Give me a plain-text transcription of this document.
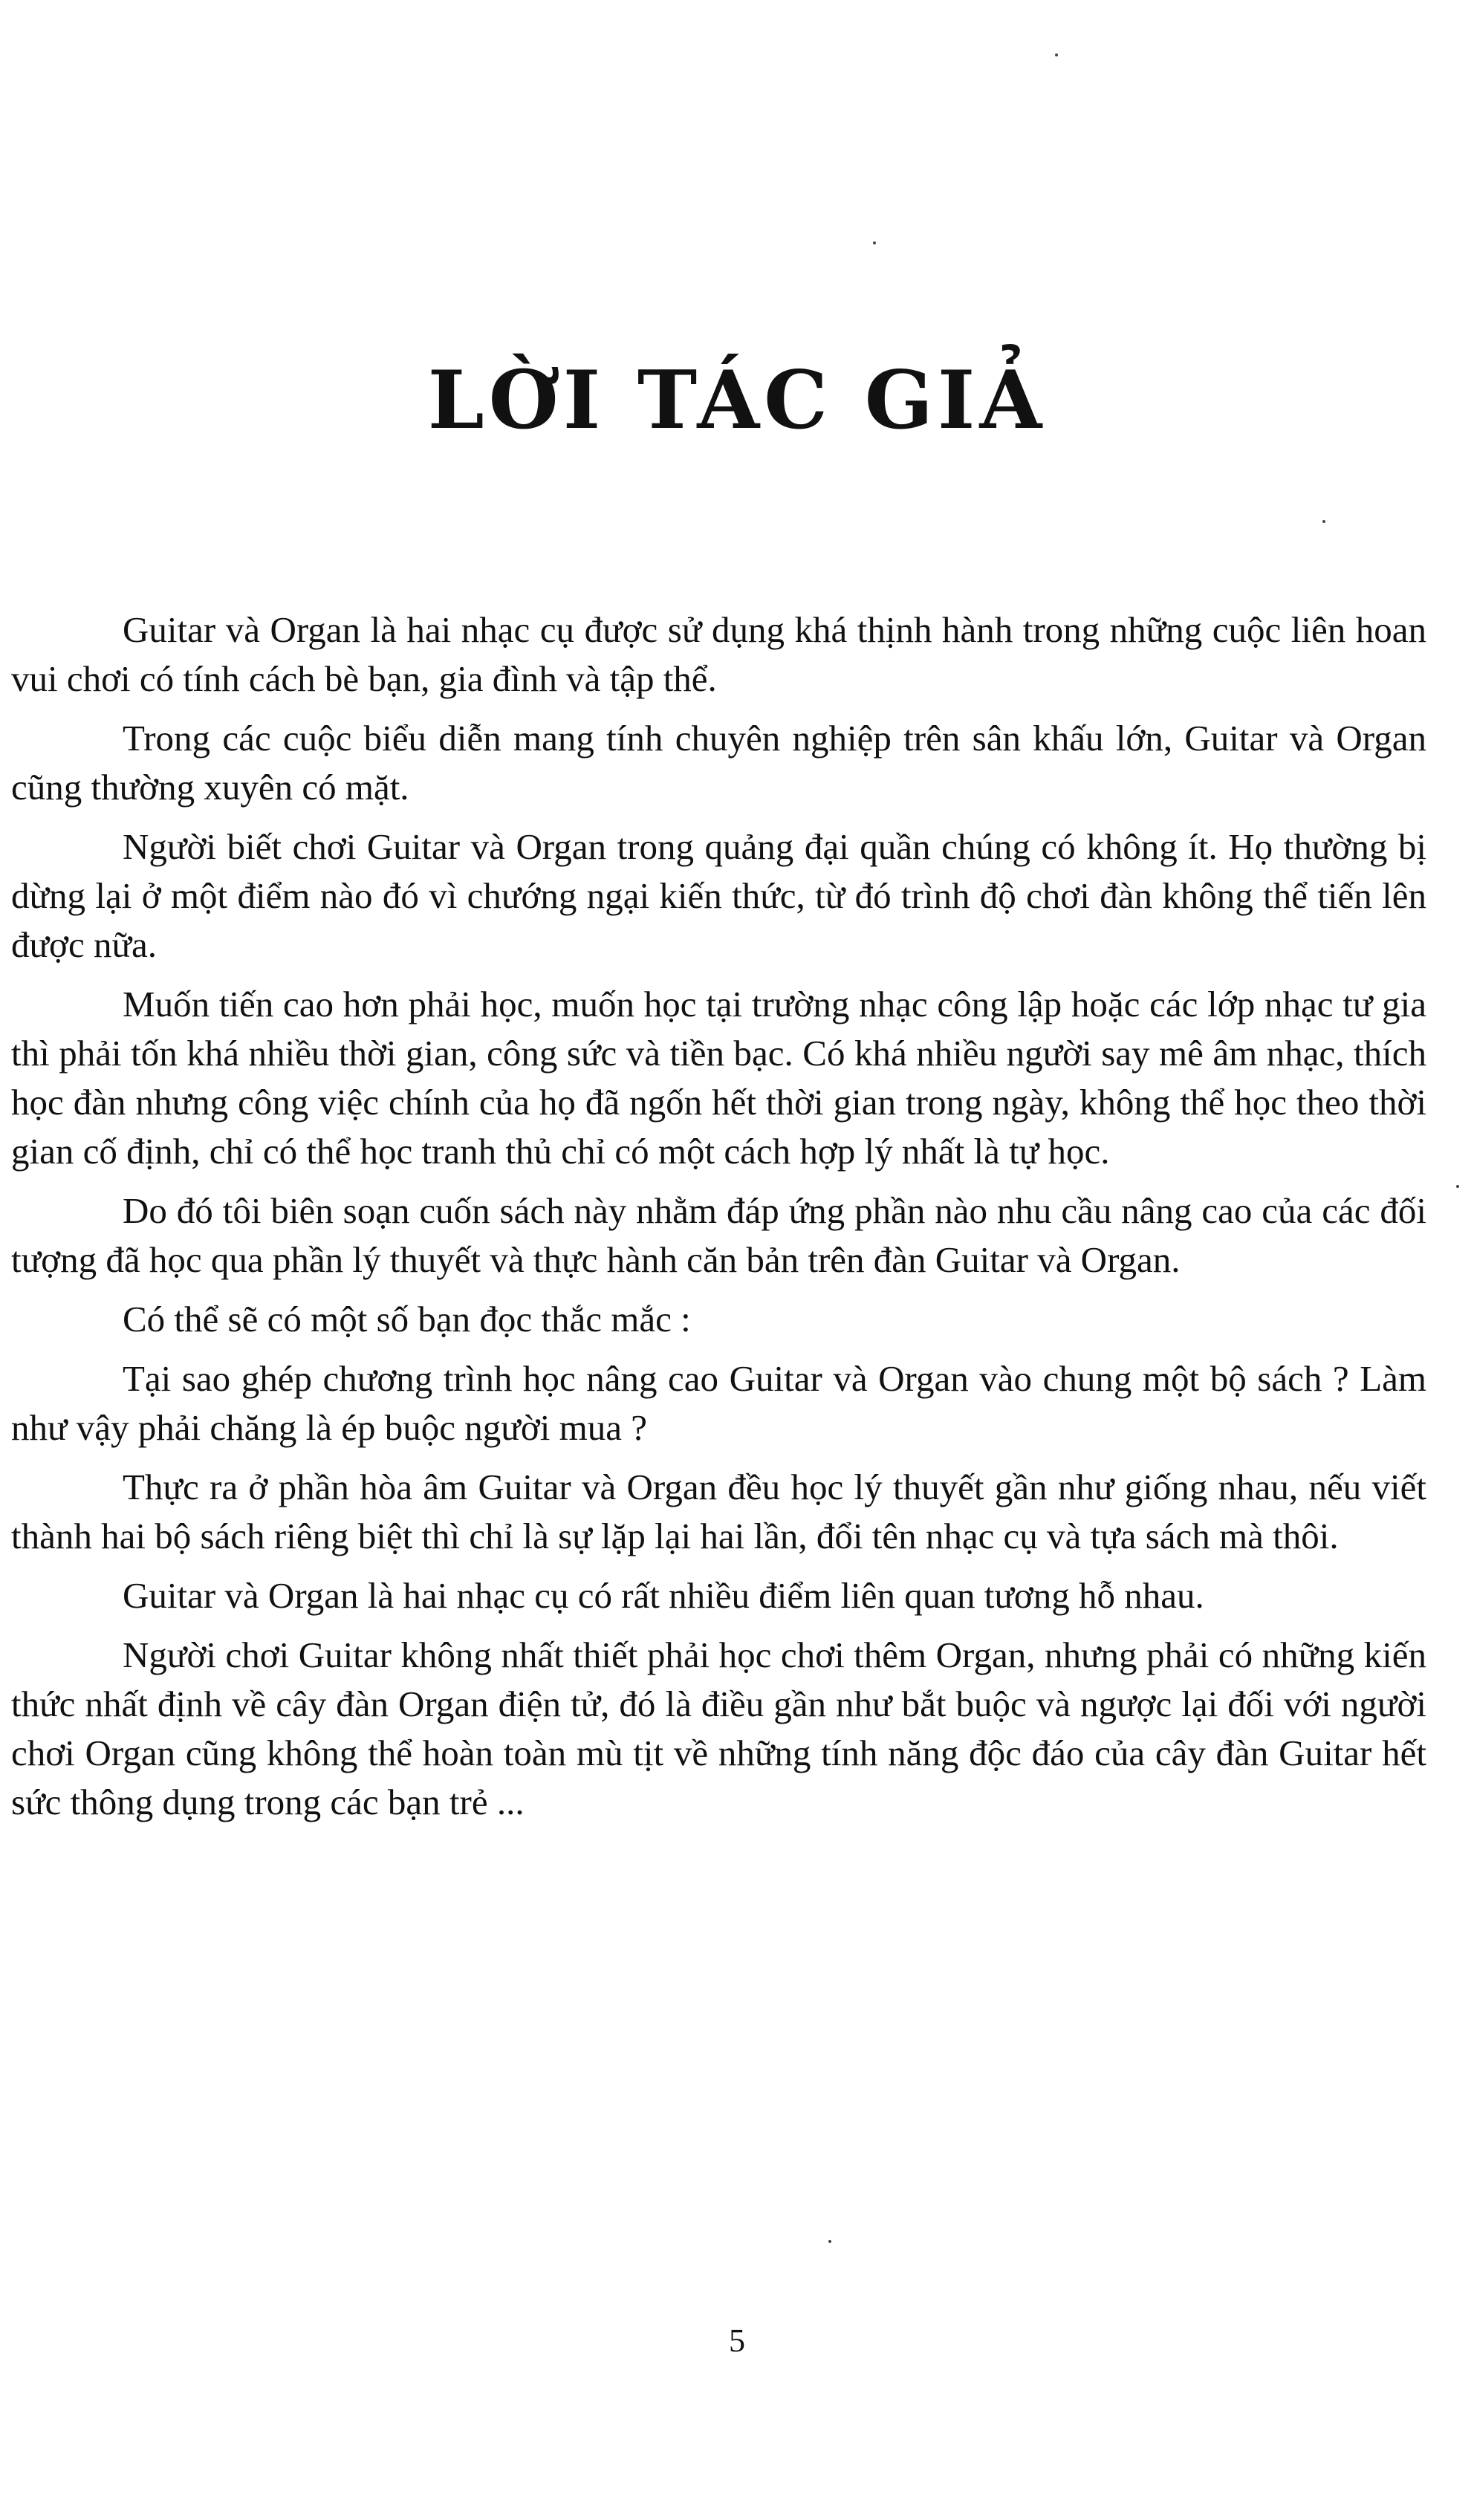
LỜI TÁC GIẢ

Guitar và Organ là hai nhạc cụ được sử dụng khá thịnh hành trong những cuộc liên hoan vui chơi có tính cách bè bạn, gia đình và tập thể.

Trong các cuộc biểu diễn mang tính chuyên nghiệp trên sân khấu lớn, Guitar và Organ cũng thường xuyên có mặt.

Người biết chơi Guitar và Organ trong quảng đại quần chúng có không ít. Họ thường bị dừng lại ở một điểm nào đó vì chướng ngại kiến thức, từ đó trình độ chơi đàn không thể tiến lên được nữa.

Muốn tiến cao hơn phải học, muốn học tại trường nhạc công lập hoặc các lớp nhạc tư gia thì phải tốn khá nhiều thời gian, công sức và tiền bạc. Có khá nhiều người say mê âm nhạc, thích học đàn nhưng công việc chính của họ đã ngốn hết thời gian trong ngày, không thể học theo thời gian cố định, chỉ có thể học tranh thủ chỉ có một cách hợp lý nhất là tự học.

Do đó tôi biên soạn cuốn sách này nhằm đáp ứng phần nào nhu cầu nâng cao của các đối tượng đã học qua phần lý thuyết và thực hành căn bản trên đàn Guitar và Organ.

Có thể sẽ có một số bạn đọc thắc mắc :

Tại sao ghép chương trình học nâng cao Guitar và Organ vào chung một bộ sách ? Làm như vậy phải chăng là ép buộc người mua ?

Thực ra ở phần hòa âm Guitar và Organ đều học lý thuyết gần như giống nhau, nếu viết thành hai bộ sách riêng biệt thì chỉ là sự lặp lại hai lần, đổi tên nhạc cụ và tựa sách mà thôi.

Guitar và Organ là hai nhạc cụ có rất nhiều điểm liên quan tương hỗ nhau.

Người chơi Guitar không nhất thiết phải học chơi thêm Organ, nhưng phải có những kiến thức nhất định về cây đàn Organ điện tử, đó là điều gần như bắt buộc và ngược lại đối với người chơi Organ cũng không thể hoàn toàn mù tịt về những tính năng độc đáo của cây đàn Guitar hết sức thông dụng trong các bạn trẻ ...

5
